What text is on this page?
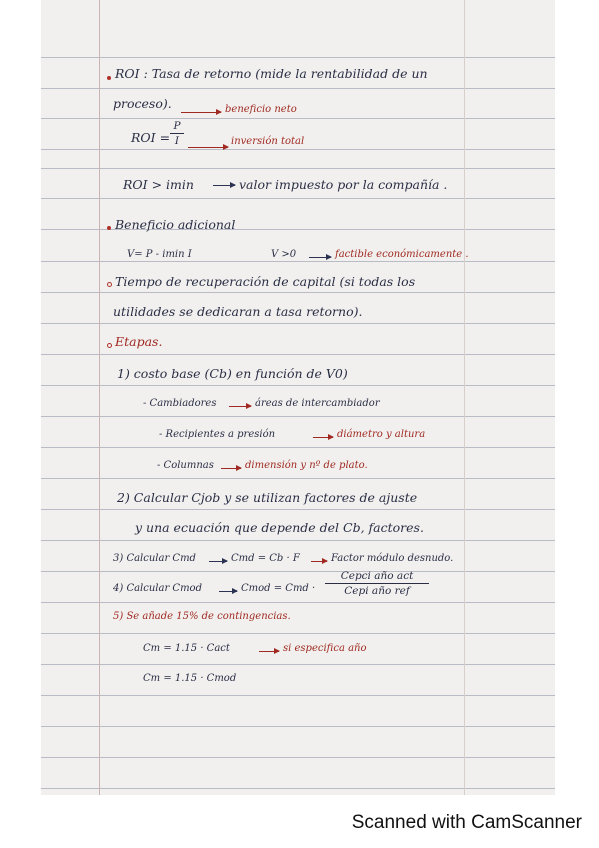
ROI : Tasa de retorno (mide la rentabilidad de un
proceso).	beneficio neto
ROI =
P
I	inversión total
ROI > imin	valor impuesto por la compañía .
Beneficio adicional
V= P - imin I	V >0	factible económicamente .
Tiempo de recuperación de capital (si todas los
utilidades se dedicaran a tasa retorno).
Etapas.
1) costo base (Cb) en función de V0)
- Cambiadores	áreas de intercambiador
- Recipientes a presión	diámetro y altura
- Columnas	dimensión y nº de plato.
2) Calcular Cjob y se utilizan factores de ajuste
y una ecuación que depende del Cb, factores.
3) Calcular Cmd	Cmd = Cb · F	Factor módulo desnudo.
4) Calcular Cmod	Cmod = Cmd ·
Cepci año act
Cepi año ref
5) Se añade 15% de contingencias.
Cm = 1.15 · Cact	si especifica año
Cm = 1.15 · Cmod
Scanned with CamScanner
